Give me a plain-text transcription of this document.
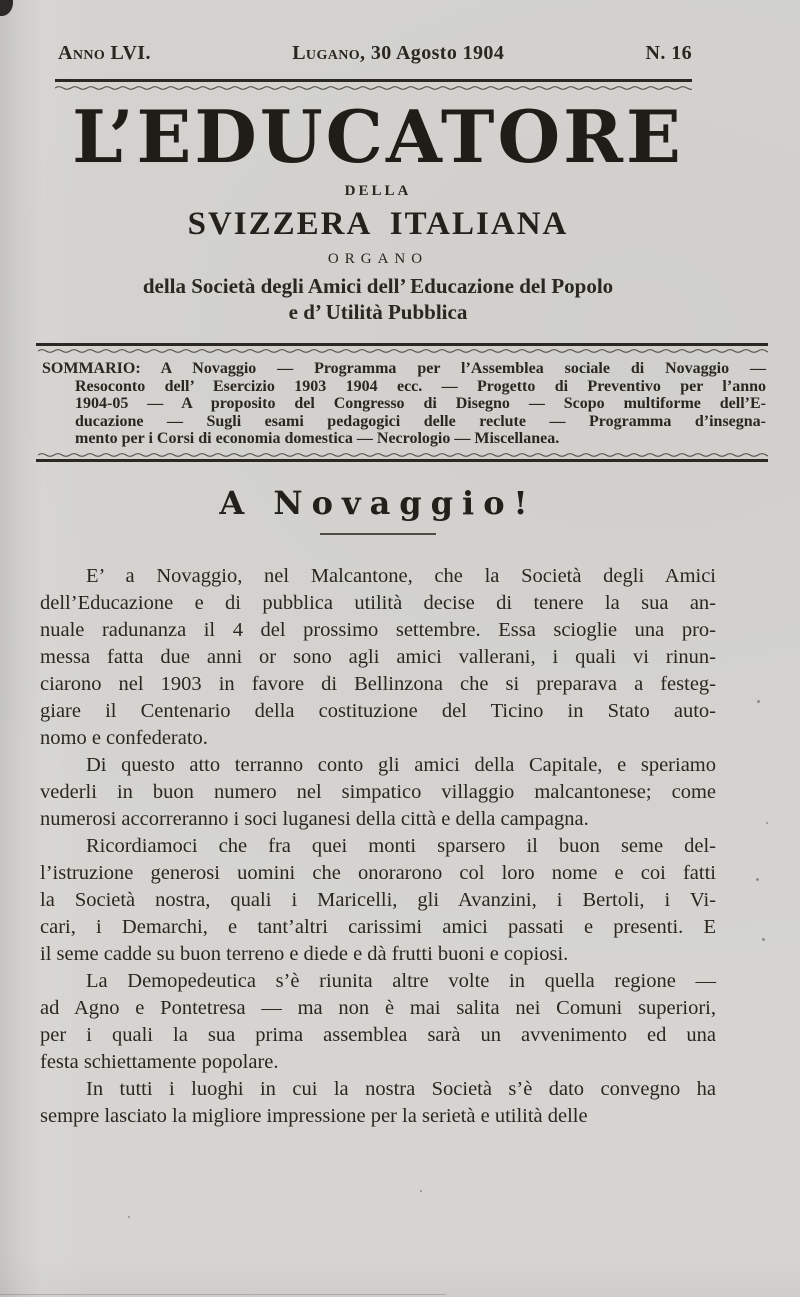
Anno LVI.	Lugano, 30 Agosto 1904	N. 16
L’EDUCATORE
DELLA
SVIZZERA ITALIANA
ORGANO
della Società degli Amici dell’ Educazione del Popolo
e d’ Utilità Pubblica
SOMMARIO: A Novaggio — Programma per l’Assemblea sociale di Novaggio —
Resoconto dell’ Esercizio 1903 1904 ecc. — Progetto di Preventivo per l’anno
1904-05 — A proposito del Congresso di Disegno — Scopo multiforme dell’E-
ducazione — Sugli esami pedagogici delle reclute — Programma d’insegna-
mento per i Corsi di economia domestica — Necrologio — Miscellanea.
A Novaggio!
E’ a Novaggio, nel Malcantone, che la Società degli Amici
dell’Educazione e di pubblica utilità decise di tenere la sua an-
nuale radunanza il 4 del prossimo settembre. Essa scioglie una pro-
messa fatta due anni or sono agli amici vallerani, i quali vi rinun-
ciarono nel 1903 in favore di Bellinzona che si preparava a festeg-
giare il Centenario della costituzione del Ticino in Stato auto-
nomo e confederato.
Di questo atto terranno conto gli amici della Capitale, e speriamo
vederli in buon numero nel simpatico villaggio malcantonese; come
numerosi accorreranno i soci luganesi della città e della campagna.
Ricordiamoci che fra quei monti sparsero il buon seme del-
l’istruzione generosi uomini che onorarono col loro nome e coi fatti
la Società nostra, quali i Maricelli, gli Avanzini, i Bertoli, i Vi-
cari, i Demarchi, e tant’altri carissimi amici passati e presenti. E
il seme cadde su buon terreno e diede e dà frutti buoni e copiosi.
La Demopedeutica s’è riunita altre volte in quella regione —
ad Agno e Pontetresa — ma non è mai salita nei Comuni superiori,
per i quali la sua prima assemblea sarà un avvenimento ed una
festa schiettamente popolare.
In tutti i luoghi in cui la nostra Società s’è dato convegno ha
sempre lasciato la migliore impressione per la serietà e utilità delle
